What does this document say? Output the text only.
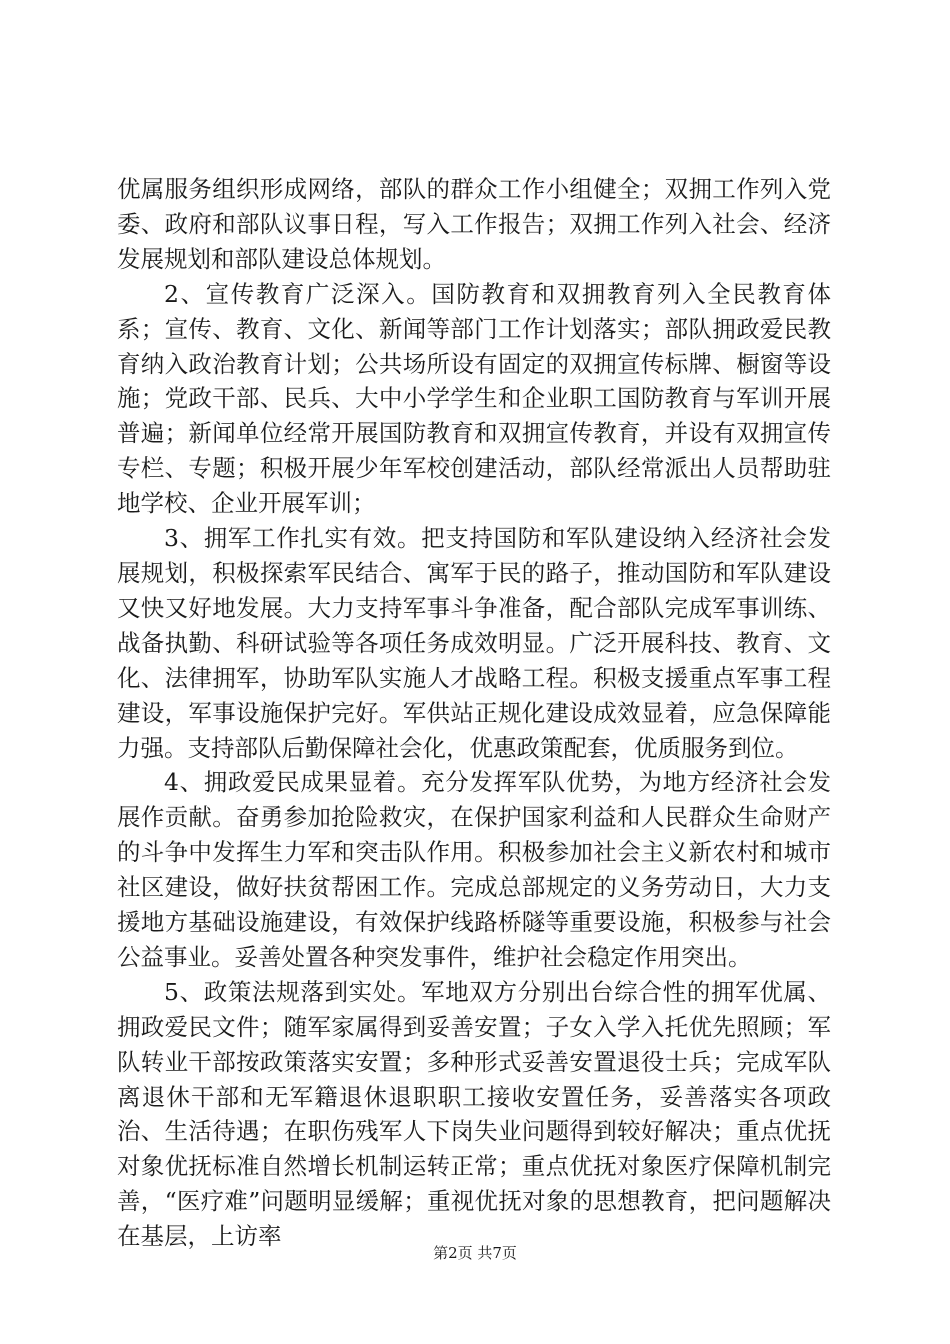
优属服务组织形成网络，部队的群众工作小组健全；双拥工作列入党委、政府和部队议事日程，写入工作报告；双拥工作列入社会、经济发展规划和部队建设总体规划。

2、宣传教育广泛深入。国防教育和双拥教育列入全民教育体系；宣传、教育、文化、新闻等部门工作计划落实；部队拥政爱民教育纳入政治教育计划；公共场所设有固定的双拥宣传标牌、橱窗等设施；党政干部、民兵、大中小学学生和企业职工国防教育与军训开展普遍；新闻单位经常开展国防教育和双拥宣传教育，并设有双拥宣传专栏、专题；积极开展少年军校创建活动，部队经常派出人员帮助驻地学校、企业开展军训；

3、拥军工作扎实有效。把支持国防和军队建设纳入经济社会发展规划，积极探索军民结合、寓军于民的路子，推动国防和军队建设又快又好地发展。大力支持军事斗争准备，配合部队完成军事训练、战备执勤、科研试验等各项任务成效明显。广泛开展科技、教育、文化、法律拥军，协助军队实施人才战略工程。积极支援重点军事工程建设，军事设施保护完好。军供站正规化建设成效显着，应急保障能力强。支持部队后勤保障社会化，优惠政策配套，优质服务到位。

4、拥政爱民成果显着。充分发挥军队优势，为地方经济社会发展作贡献。奋勇参加抢险救灾，在保护国家利益和人民群众生命财产的斗争中发挥生力军和突击队作用。积极参加社会主义新农村和城市社区建设，做好扶贫帮困工作。完成总部规定的义务劳动日，大力支援地方基础设施建设，有效保护线路桥隧等重要设施，积极参与社会公益事业。妥善处置各种突发事件，维护社会稳定作用突出。

5、政策法规落到实处。军地双方分别出台综合性的拥军优属、拥政爱民文件；随军家属得到妥善安置；子女入学入托优先照顾；军队转业干部按政策落实安置；多种形式妥善安置退役士兵；完成军队离退休干部和无军籍退休退职职工接收安置任务，妥善落实各项政治、生活待遇；在职伤残军人下岗失业问题得到较好解决；重点优抚对象优抚标准自然增长机制运转正常；重点优抚对象医疗保障机制完善，“医疗难”问题明显缓解；重视优抚对象的思想教育，把问题解决在基层，上访率

第2页 共7页
